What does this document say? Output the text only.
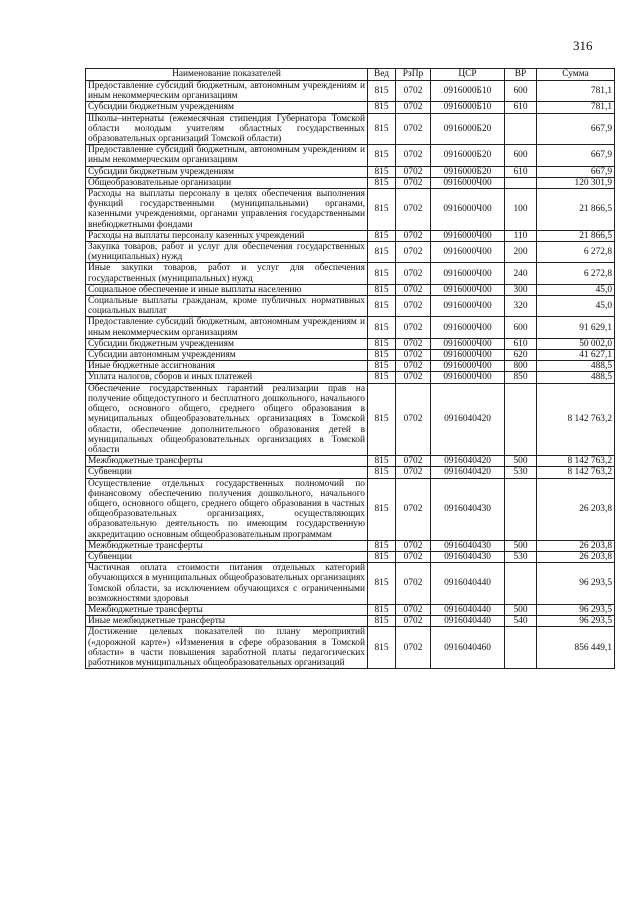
316
Наименование показателей	Вед	РзПр	ЦСР	ВР	Сумма
Предоставление субсидий бюджетным, автономным учреждениям и иным некоммерческим организациям	815	0702	0916000Б10	600	781,1
Субсидии бюджетным учреждениям	815	0702	0916000Б10	610	781,1
Школы–интернаты (ежемесячная стипендия Губернатора Томской области молодым учителям областных государственных образовательных организаций Томской области)	815	0702	0916000Б20		667,9
Предоставление субсидий бюджетным, автономным учреждениям и иным некоммерческим организациям	815	0702	0916000Б20	600	667,9
Субсидии бюджетным учреждениям	815	0702	0916000Б20	610	667,9
Общеобразовательные организации	815	0702	0916000Ч00		120 301,9
Расходы на выплаты персоналу в целях обеспечения выполнения функций государственными (муниципальными) органами, казенными учреждениями, органами управления государственными внебюджетными фондами	815	0702	0916000Ч00	100	21 866,5
Расходы на выплаты персоналу казенных учреждений	815	0702	0916000Ч00	110	21 866,5
Закупка товаров, работ и услуг для обеспечения государственных (муниципальных) нужд	815	0702	0916000Ч00	200	6 272,8
Иные закупки товаров, работ и услуг для обеспечения государственных (муниципальных) нужд	815	0702	0916000Ч00	240	6 272,8
Социальное обеспечение и иные выплаты населению	815	0702	0916000Ч00	300	45,0
Социальные выплаты гражданам, кроме публичных нормативных социальных выплат	815	0702	0916000Ч00	320	45,0
Предоставление субсидий бюджетным, автономным учреждениям и иным некоммерческим организациям	815	0702	0916000Ч00	600	91 629,1
Субсидии бюджетным учреждениям	815	0702	0916000Ч00	610	50 002,0
Субсидии автономным учреждениям	815	0702	0916000Ч00	620	41 627,1
Иные бюджетные ассигнования	815	0702	0916000Ч00	800	488,5
Уплата налогов, сборов и иных платежей	815	0702	0916000Ч00	850	488,5
Обеспечение государственных гарантий реализации прав на получение общедоступного и бесплатного дошкольного, начального общего, основного общего, среднего общего образования в муниципальных общеобразовательных организациях в Томской области, обеспечение дополнительного образования детей в муниципальных общеобразовательных организациях в Томской области	815	0702	0916040420		8 142 763,2
Межбюджетные трансферты	815	0702	0916040420	500	8 142 763,2
Субвенции	815	0702	0916040420	530	8 142 763,2
Осуществление отдельных государственных полномочий по финансовому обеспечению получения дошкольного, начального общего, основного общего, среднего общего образования в частных общеобразовательных организациях, осуществляющих образовательную деятельность по имеющим государственную аккредитацию основным общеобразовательным программам	815	0702	0916040430		26 203,8
Межбюджетные трансферты	815	0702	0916040430	500	26 203,8
Субвенции	815	0702	0916040430	530	26 203,8
Частичная оплата стоимости питания отдельных категорий обучающихся в муниципальных общеобразовательных организациях Томской области, за исключением обучающихся с ограниченными возможностями здоровья	815	0702	0916040440		96 293,5
Межбюджетные трансферты	815	0702	0916040440	500	96 293,5
Иные межбюджетные трансферты	815	0702	0916040440	540	96 293,5
Достижение целевых показателей по плану мероприятий («дорожной карте») «Изменения в сфере образования в Томской области» в части повышения заработной платы педагогических работников муниципальных общеобразовательных организаций	815	0702	0916040460		856 449,1
